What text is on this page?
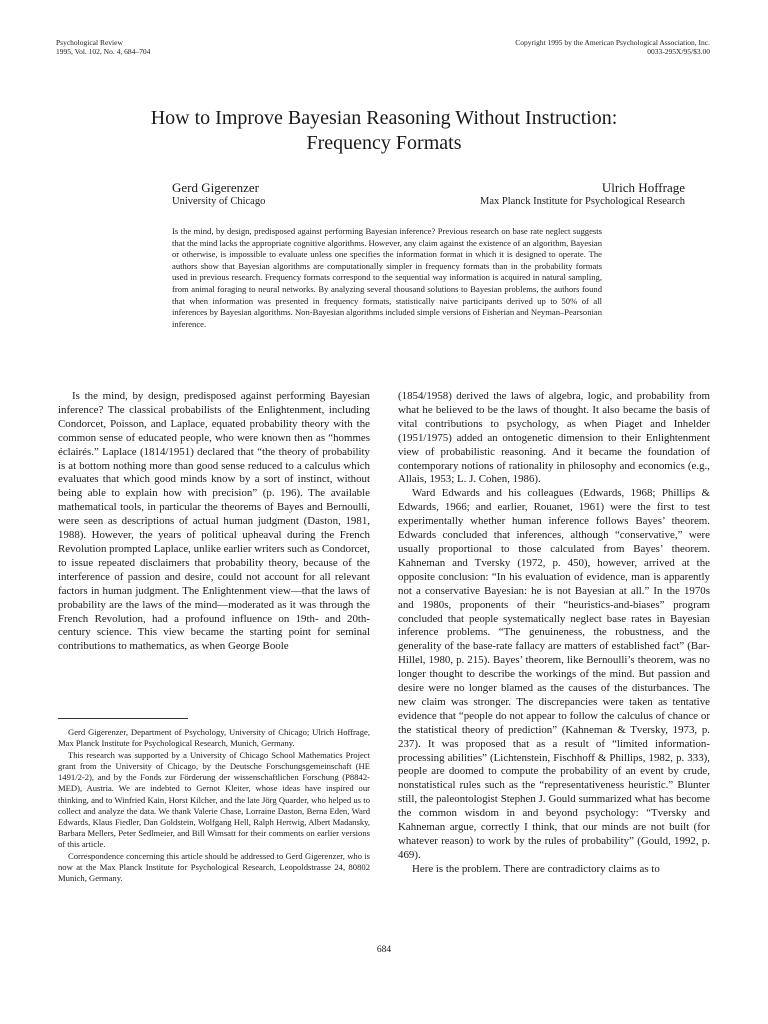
Psychological Review
1995, Vol. 102, No. 4, 684–704
Copyright 1995 by the American Psychological Association, Inc.
0033-295X/95/$3.00
How to Improve Bayesian Reasoning Without Instruction:
Frequency Formats
Gerd Gigerenzer
University of Chicago
Ulrich Hoffrage
Max Planck Institute for Psychological Research
Is the mind, by design, predisposed against performing Bayesian inference? Previous research on base rate neglect suggests that the mind lacks the appropriate cognitive algorithms. However, any claim against the existence of an algorithm, Bayesian or otherwise, is impossible to evaluate unless one specifies the information format in which it is designed to operate. The authors show that Bayesian algorithms are computationally simpler in frequency formats than in the probability formats used in previous research. Frequency formats correspond to the sequential way information is acquired in natural sampling, from animal foraging to neural networks. By analyzing several thousand solutions to Bayesian problems, the authors found that when information was presented in frequency formats, statistically naive participants derived up to 50% of all inferences by Bayesian algorithms. Non-Bayesian algorithms included simple versions of Fisherian and Neyman–Pearsonian inference.

Is the mind, by design, predisposed against performing Bayesian inference? The classical probabilists of the Enlightenment, including Condorcet, Poisson, and Laplace, equated probability theory with the common sense of educated people, who were known then as “hommes éclairés.” Laplace (1814/1951) declared that “the theory of probability is at bottom nothing more than good sense reduced to a calculus which evaluates that which good minds know by a sort of instinct, without being able to explain how with precision” (p. 196). The available mathematical tools, in particular the theorems of Bayes and Bernoulli, were seen as descriptions of actual human judgment (Daston, 1981, 1988). However, the years of political upheaval during the French Revolution prompted Laplace, unlike earlier writers such as Condorcet, to issue repeated disclaimers that probability theory, because of the interference of passion and desire, could not account for all relevant factors in human judgment. The Enlightenment view—that the laws of probability are the laws of the mind—moderated as it was through the French Revolution, had a profound influence on 19th- and 20th-century science. This view became the starting point for seminal contributions to mathematics, as when George Boole

(1854/1958) derived the laws of algebra, logic, and probability from what he believed to be the laws of thought. It also became the basis of vital contributions to psychology, as when Piaget and Inhelder (1951/1975) added an ontogenetic dimension to their Enlightenment view of probabilistic reasoning. And it became the foundation of contemporary notions of rationality in philosophy and economics (e.g., Allais, 1953; L. J. Cohen, 1986).

Ward Edwards and his colleagues (Edwards, 1968; Phillips & Edwards, 1966; and earlier, Rouanet, 1961) were the first to test experimentally whether human inference follows Bayes’ theorem. Edwards concluded that inferences, although “conservative,” were usually proportional to those calculated from Bayes’ theorem. Kahneman and Tversky (1972, p. 450), however, arrived at the opposite conclusion: “In his evaluation of evidence, man is apparently not a conservative Bayesian: he is not Bayesian at all.” In the 1970s and 1980s, proponents of their “heuristics-and-biases” program concluded that people systematically neglect base rates in Bayesian inference problems. “The genuineness, the robustness, and the generality of the base-rate fallacy are matters of established fact” (Bar-Hillel, 1980, p. 215). Bayes’ theorem, like Bernoulli’s theorem, was no longer thought to describe the workings of the mind. But passion and desire were no longer blamed as the causes of the disturbances. The new claim was stronger. The discrepancies were taken as tentative evidence that “people do not appear to follow the calculus of chance or the statistical theory of prediction” (Kahneman & Tversky, 1973, p. 237). It was proposed that as a result of “limited information-processing abilities” (Lichtenstein, Fischhoff & Phillips, 1982, p. 333), people are doomed to compute the probability of an event by crude, nonstatistical rules such as the “representativeness heuristic.” Blunter still, the paleontologist Stephen J. Gould summarized what has become the common wisdom in and beyond psychology: “Tversky and Kahneman argue, correctly I think, that our minds are not built (for whatever reason) to work by the rules of probability” (Gould, 1992, p. 469).

Here is the problem. There are contradictory claims as to

Gerd Gigerenzer, Department of Psychology, University of Chicago; Ulrich Hoffrage, Max Planck Institute for Psychological Research, Munich, Germany.

This research was supported by a University of Chicago School Mathematics Project grant from the University of Chicago, by the Deutsche Forschungsgemeinschaft (HE 1491/2-2), and by the Fonds zur Förderung der wissenschaftlichen Forschung (P8842-MED), Austria. We are indebted to Gernot Kleiter, whose ideas have inspired our thinking, and to Winfried Kain, Horst Kilcher, and the late Jörg Quarder, who helped us to collect and analyze the data. We thank Valerie Chase, Lorraine Daston, Berna Eden, Ward Edwards, Klaus Fiedler, Dan Goldstein, Wolfgang Hell, Ralph Hertwig, Albert Madansky, Barbara Mellers, Peter Sedlmeier, and Bill Wimsatt for their comments on earlier versions of this article.

Correspondence concerning this article should be addressed to Gerd Gigerenzer, who is now at the Max Planck Institute for Psychological Research, Leopoldstrasse 24, 80802 Munich, Germany.

684
